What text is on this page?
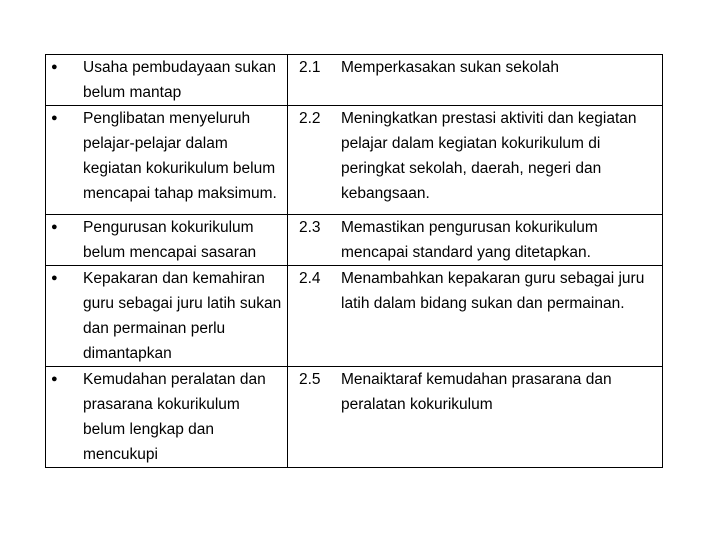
● Usaha pembudayaan sukan belum mantap	2.1 Memperkasakan sukan sekolah

● Penglibatan menyeluruh pelajar-pelajar dalam kegiatan kokurikulum belum mencapai tahap maksimum.	2.2 Meningkatkan prestasi aktiviti dan kegiatan pelajar dalam kegiatan kokurikulum di peringkat sekolah, daerah, negeri dan kebangsaan.

● Pengurusan kokurikulum belum mencapai sasaran	2.3 Memastikan pengurusan kokurikulum mencapai standard yang ditetapkan.

● Kepakaran dan kemahiran guru sebagai juru latih sukan dan permainan perlu dimantapkan	2.4 Menambahkan kepakaran guru sebagai juru latih dalam bidang sukan dan permainan.

● Kemudahan peralatan dan prasarana kokurikulum belum lengkap dan mencukupi	2.5 Menaiktaraf kemudahan prasarana dan peralatan kokurikulum
